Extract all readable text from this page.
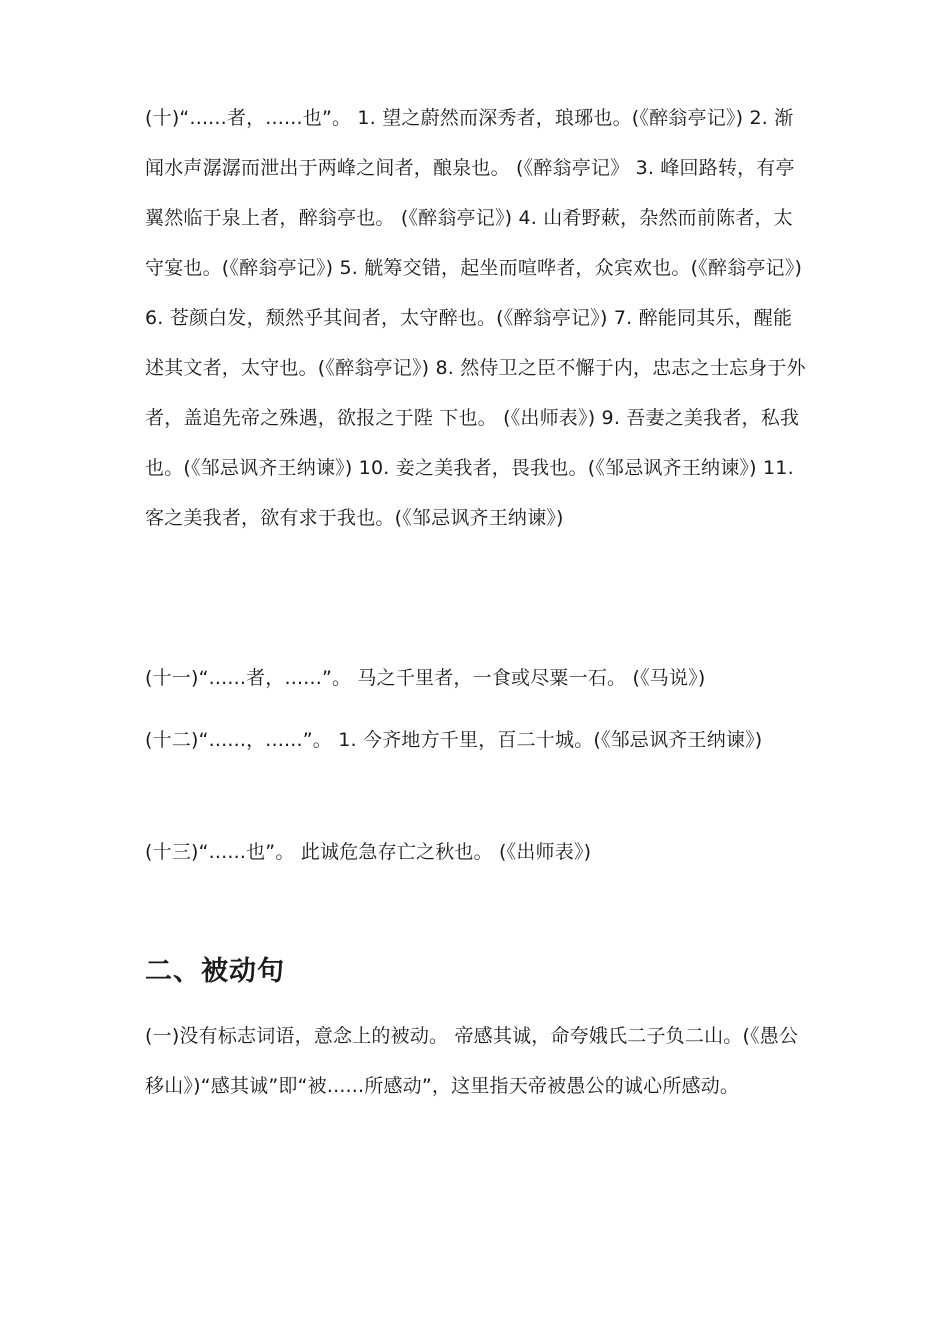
(十)“......者，......也”。 1. 望之蔚然而深秀者，琅琊也。(《醉翁亭记》) 2. 渐闻水声潺潺而泄出于两峰之间者，酿泉也。 (《醉翁亭记》 3. 峰回路转，有亭翼然临于泉上者，醉翁亭也。 (《醉翁亭记》) 4. 山肴野蔌，杂然而前陈者，太守宴也。(《醉翁亭记》) 5. 觥筹交错，起坐而喧哗者，众宾欢也。(《醉翁亭记》) 6. 苍颜白发，颓然乎其间者，太守醉也。(《醉翁亭记》) 7. 醉能同其乐，醒能述其文者，太守也。(《醉翁亭记》) 8. 然侍卫之臣不懈于内，忠志之士忘身于外者，盖追先帝之殊遇，欲报之于陛 下也。 (《出师表》) 9. 吾妻之美我者，私我也。(《邹忌讽齐王纳谏》) 10. 妾之美我者，畏我也。(《邹忌讽齐王纳谏》) 11. 客之美我者，欲有求于我也。(《邹忌讽齐王纳谏》)

(十一)“......者，......”。 马之千里者，一食或尽粟一石。 (《马说》)

(十二)“......，......”。 1. 今齐地方千里，百二十城。(《邹忌讽齐王纳谏》)

(十三)“......也”。 此诚危急存亡之秋也。 (《出师表》)

二、被动句

(一)没有标志词语，意念上的被动。 帝感其诚，命夸娥氏二子负二山。(《愚公移山》)“感其诚”即“被......所感动”，这里指天帝被愚公的诚心所感动。
